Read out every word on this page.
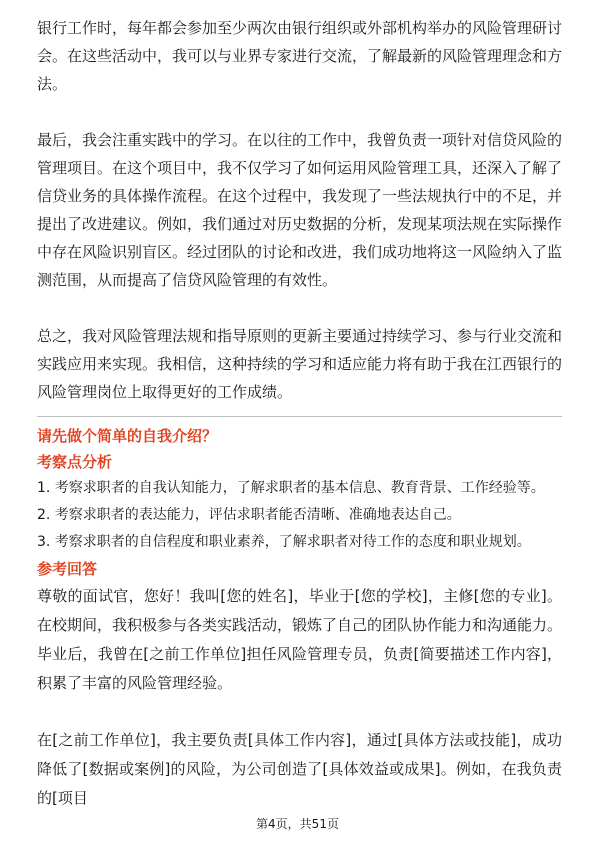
银行工作时，每年都会参加至少两次由银行组织或外部机构举办的风险管理研讨会。在这些活动中，我可以与业界专家进行交流，了解最新的风险管理理念和方法。

最后，我会注重实践中的学习。在以往的工作中，我曾负责一项针对信贷风险的管理项目。在这个项目中，我不仅学习了如何运用风险管理工具，还深入了解了信贷业务的具体操作流程。在这个过程中，我发现了一些法规执行中的不足，并提出了改进建议。例如，我们通过对历史数据的分析，发现某项法规在实际操作中存在风险识别盲区。经过团队的讨论和改进，我们成功地将这一风险纳入了监测范围，从而提高了信贷风险管理的有效性。

总之，我对风险管理法规和指导原则的更新主要通过持续学习、参与行业交流和实践应用来实现。我相信，这种持续的学习和适应能力将有助于我在江西银行的风险管理岗位上取得更好的工作成绩。

请先做个简单的自我介绍？

考察点分析

1. 考察求职者的自我认知能力，了解求职者的基本信息、教育背景、工作经验等。

2. 考察求职者的表达能力，评估求职者能否清晰、准确地表达自己。

3. 考察求职者的自信程度和职业素养，了解求职者对待工作的态度和职业规划。

参考回答

尊敬的面试官，您好！我叫[您的姓名]，毕业于[您的学校]，主修[您的专业]。在校期间，我积极参与各类实践活动，锻炼了自己的团队协作能力和沟通能力。毕业后，我曾在[之前工作单位]担任风险管理专员，负责[简要描述工作内容]，积累了丰富的风险管理经验。

在[之前工作单位]，我主要负责[具体工作内容]，通过[具体方法或技能]，成功降低了[数据或案例]的风险，为公司创造了[具体效益或成果]。例如，在我负责的[项目

第4页，共51页
